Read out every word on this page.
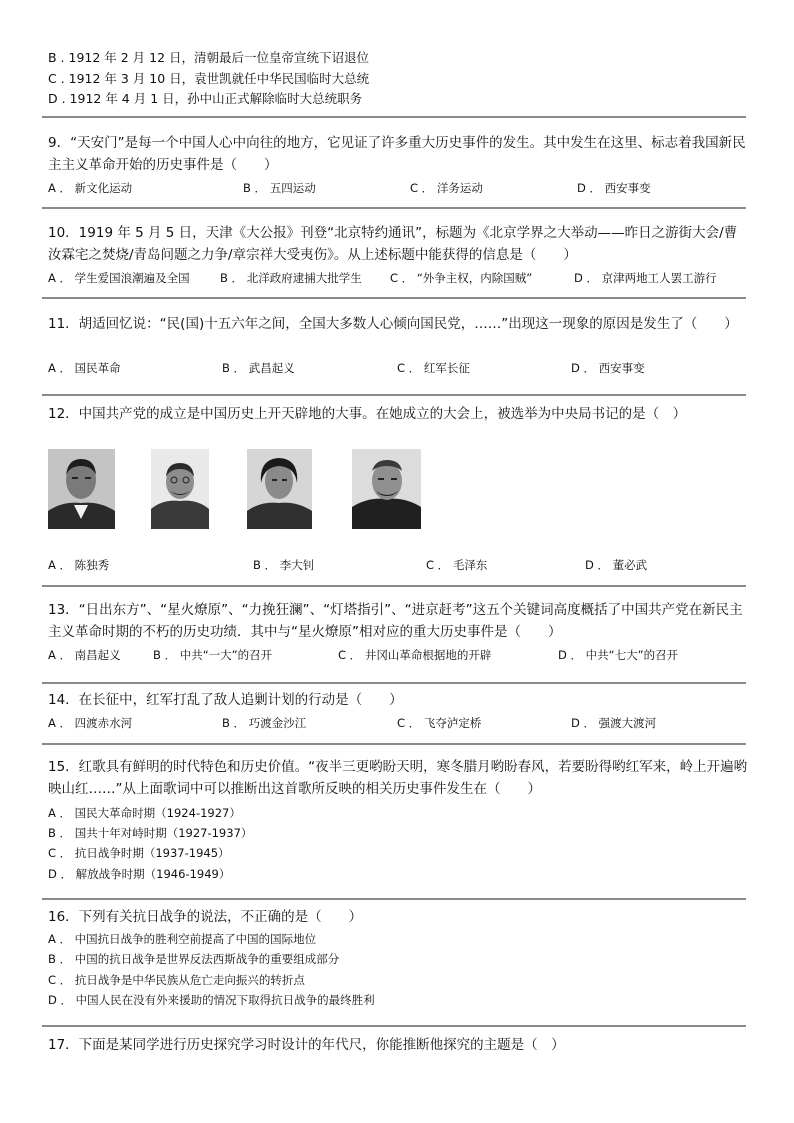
B . 1912 年 2 月 12 日，清朝最后一位皇帝宣统下诏退位
C . 1912 年 3 月 10 日，袁世凯就任中华民国临时大总统
D . 1912 年 4 月 1 日，孙中山正式解除临时大总统职务
9．“天安门”是每一个中国人心中向往的地方，它见证了许多重大历史事件的发生。其中发生在这里、标志着我国新民主主义革命开始的历史事件是（　　）
A ． 新文化运动	B ． 五四运动	C ． 洋务运动	D ． 西安事变
10．1919 年 5 月 5 日，天津《大公报》刊登“北京特约通讯”，标题为《北京学界之大举动——昨日之游街大会/曹汝霖宅之焚烧/青岛问题之力争/章宗祥大受夷伤》。从上述标题中能获得的信息是（　　）
A ． 学生爱国浪潮遍及全国	B ． 北洋政府逮捕大批学生 C ． “外争主权，内除国贼”	D ． 京津两地工人罢工游行
11．胡适回忆说：“民(国)十五六年之间，全国大多数人心倾向国民党，……”出现这一现象的原因是发生了（　　）
A ． 国民革命	B ． 武昌起义	C ． 红军长征	D ． 西安事变
12．中国共产党的成立是中国历史上开天辟地的大事。在她成立的大会上，被选举为中央局书记的是（　）
A ． 陈独秀	B ． 李大钊	C ． 毛泽东	D ． 董必武
13．“日出东方”、“星火燎原”、“力挽狂澜”、“灯塔指引”、“进京赶考”这五个关键词高度概括了中国共产党在新民主主义革命时期的不朽的历史功绩．其中与“星火燎原”相对应的重大历史事件是（　　）
A ． 南昌起义	B ． 中共“一大”的召开	C ． 井冈山革命根据地的开辟	D ． 中共“七大”的召开
14．在长征中，红军打乱了敌人追剿计划的行动是（　　）
A ． 四渡赤水河	B ． 巧渡金沙江	C ． 飞夺泸定桥	D ． 强渡大渡河
15．红歌具有鲜明的时代特色和历史价值。“夜半三更哟盼天明，寒冬腊月哟盼春风，若要盼得哟红军来，岭上开遍哟映山红……”从上面歌词中可以推断出这首歌所反映的相关历史事件发生在（　　）
A ． 国民大革命时期（1924-1927）
B ． 国共十年对峙时期（1927-1937）
C ． 抗日战争时期（1937-1945）
D ． 解放战争时期（1946-1949）
16．下列有关抗日战争的说法，不正确的是（　　）
A ． 中国抗日战争的胜利空前提高了中国的国际地位
B ． 中国的抗日战争是世界反法西斯战争的重要组成部分
C ． 抗日战争是中华民族从危亡走向振兴的转折点
D ． 中国人民在没有外来援助的情况下取得抗日战争的最终胜利
17．下面是某同学进行历史探究学习时设计的年代尺，你能推断他探究的主题是（　）
